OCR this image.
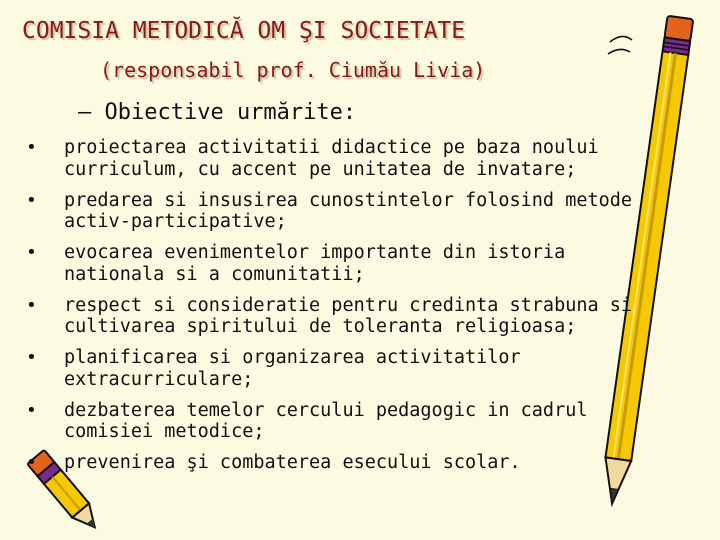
COMISIA METODICĂ OM ŞI SOCIETATE
(responsabil prof. Ciumău Livia)
– Obiective urmărite:
• proiectarea activitatii didactice pe baza noului
curriculum, cu accent pe unitatea de invatare;
• predarea si insusirea cunostintelor folosind metode
activ-participative;
• evocarea evenimentelor importante din istoria
nationala si a comunitatii;
• respect si consideratie pentru credinta strabuna si
cultivarea spiritului de toleranta religioasa;
• planificarea si organizarea activitatilor
extracurriculare;
• dezbaterea temelor cercului pedagogic in cadrul
comisiei metodice;
• prevenirea şi combaterea esecului scolar.
